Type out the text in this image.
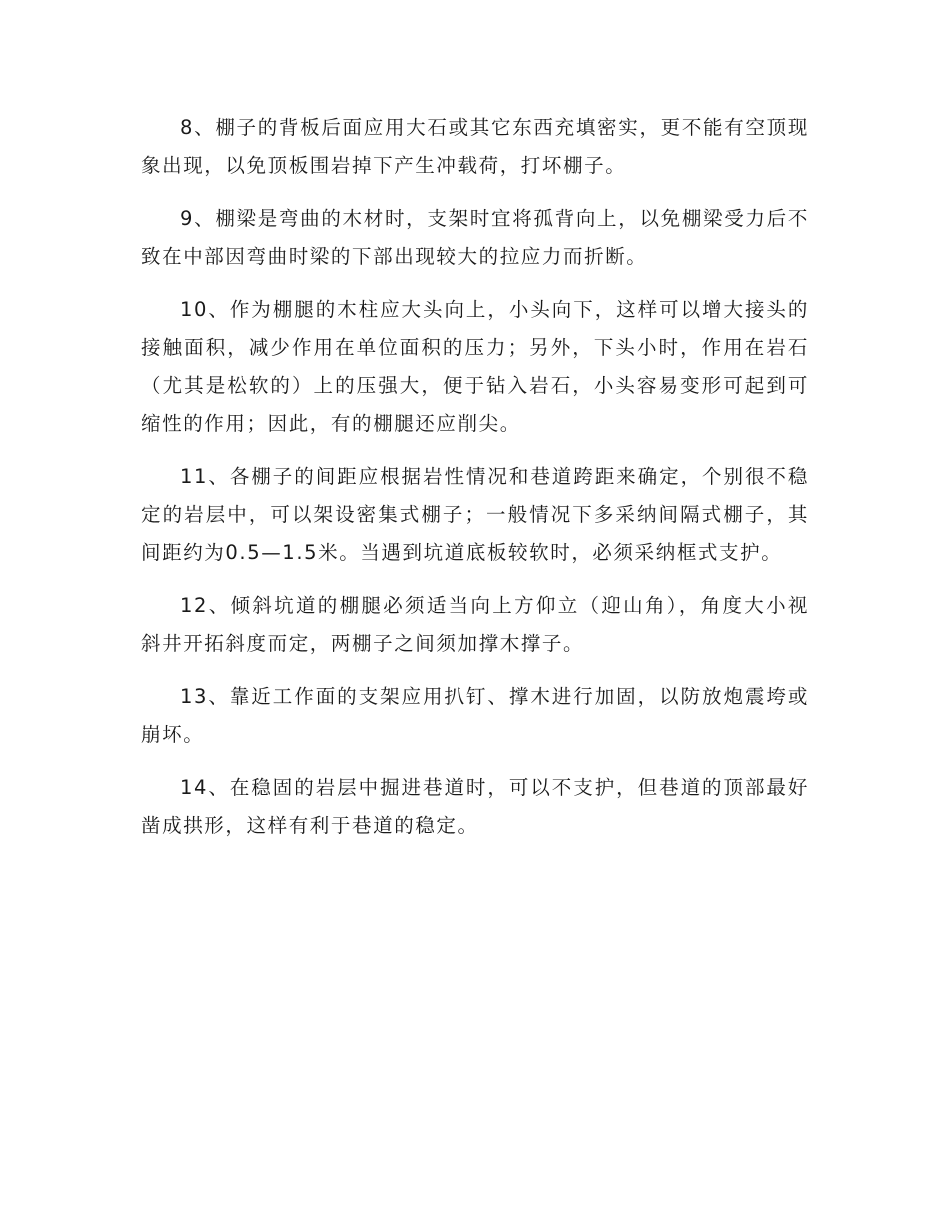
8、棚子的背板后面应用大石或其它东西充填密实，更不能有空顶现象出现，以免顶板围岩掉下产生冲载荷，打坏棚子。

9、棚梁是弯曲的木材时，支架时宜将孤背向上，以免棚梁受力后不致在中部因弯曲时梁的下部出现较大的拉应力而折断。

10、作为棚腿的木柱应大头向上，小头向下，这样可以增大接头的接触面积，减少作用在单位面积的压力；另外，下头小时，作用在岩石（尤其是松软的）上的压强大，便于钻入岩石，小头容易变形可起到可缩性的作用；因此，有的棚腿还应削尖。

11、各棚子的间距应根据岩性情况和巷道跨距来确定，个别很不稳定的岩层中，可以架设密集式棚子；一般情况下多采纳间隔式棚子，其间距约为0.5—1.5米。当遇到坑道底板较软时，必须采纳框式支护。

12、倾斜坑道的棚腿必须适当向上方仰立（迎山角），角度大小视斜井开拓斜度而定，两棚子之间须加撑木撑子。

13、靠近工作面的支架应用扒钉、撑木进行加固，以防放炮震垮或崩坏。

14、在稳固的岩层中掘进巷道时，可以不支护，但巷道的顶部最好凿成拱形，这样有利于巷道的稳定。
